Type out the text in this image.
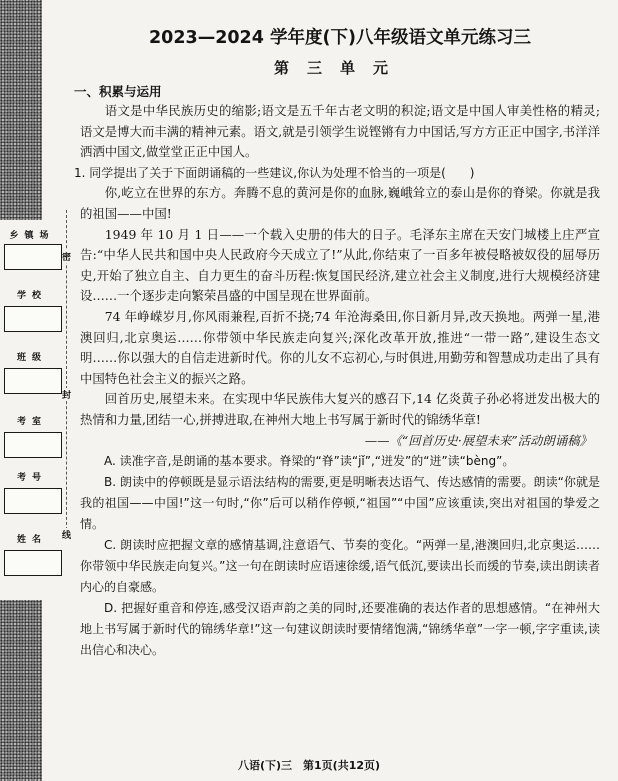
乡镇场
学校
班级
考室
考号
姓名
密
封
线
2023—2024 学年度(下)八年级语文单元练习三
第三单元
一、积累与运用

语文是中华民族历史的缩影;语文是五千年古老文明的积淀;语文是中国人审美性格的精灵;语文是博大而丰满的精神元素。语文,就是引领学生说铿锵有力中国话,写方方正正中国字,书洋洋洒洒中国文,做堂堂正正中国人。

1. 同学提出了关于下面朗诵稿的一些建议,你认为处理不恰当的一项是(　　)

你,屹立在世界的东方。奔腾不息的黄河是你的血脉,巍峨耸立的泰山是你的脊梁。你就是我的祖国——中国!

1949 年 10 月 1 日——一个载入史册的伟大的日子。毛泽东主席在天安门城楼上庄严宣告:“中华人民共和国中央人民政府今天成立了!”从此,你结束了一百多年被侵略被奴役的屈辱历史,开始了独立自主、自力更生的奋斗历程:恢复国民经济,建立社会主义制度,进行大规模经济建设……一个逐步走向繁荣昌盛的中国呈现在世界面前。

74 年峥嵘岁月,你风雨兼程,百折不挠;74 年沧海桑田,你日新月异,改天换地。两弹一星,港澳回归,北京奥运……你带领中华民族走向复兴;深化改革开放,推进“一带一路”,建设生态文明……你以强大的自信走进新时代。你的儿女不忘初心,与时俱进,用勤劳和智慧成功走出了具有中国特色社会主义的振兴之路。

回首历史,展望未来。在实现中华民族伟大复兴的感召下,14 亿炎黄子孙必将迸发出极大的热情和力量,团结一心,拼搏进取,在神州大地上书写属于新时代的锦绣华章!

——《“回首历史·展望未来”活动朗诵稿》

A. 读准字音,是朗诵的基本要求。脊梁的“脊”读“jǐ”,“迸发”的“迸”读“bèng”。

B. 朗读中的停顿既是显示语法结构的需要,更是明晰表达语气、传达感情的需要。朗读“你就是我的祖国——中国!”这一句时,“你”后可以稍作停顿,“祖国”“中国”应该重读,突出对祖国的挚爱之情。

C. 朗读时应把握文章的感情基调,注意语气、节奏的变化。“两弹一星,港澳回归,北京奥运……你带领中华民族走向复兴。”这一句在朗读时应语速徐缓,语气低沉,要读出长而缓的节奏,读出朗读者内心的自豪感。

D. 把握好重音和停连,感受汉语声韵之美的同时,还要准确的表达作者的思想感情。“在神州大地上书写属于新时代的锦绣华章!”这一句建议朗读时要情绪饱满,“锦绣华章”一字一顿,字字重读,读出信心和决心。

八语(下)三　第1页(共12页)
